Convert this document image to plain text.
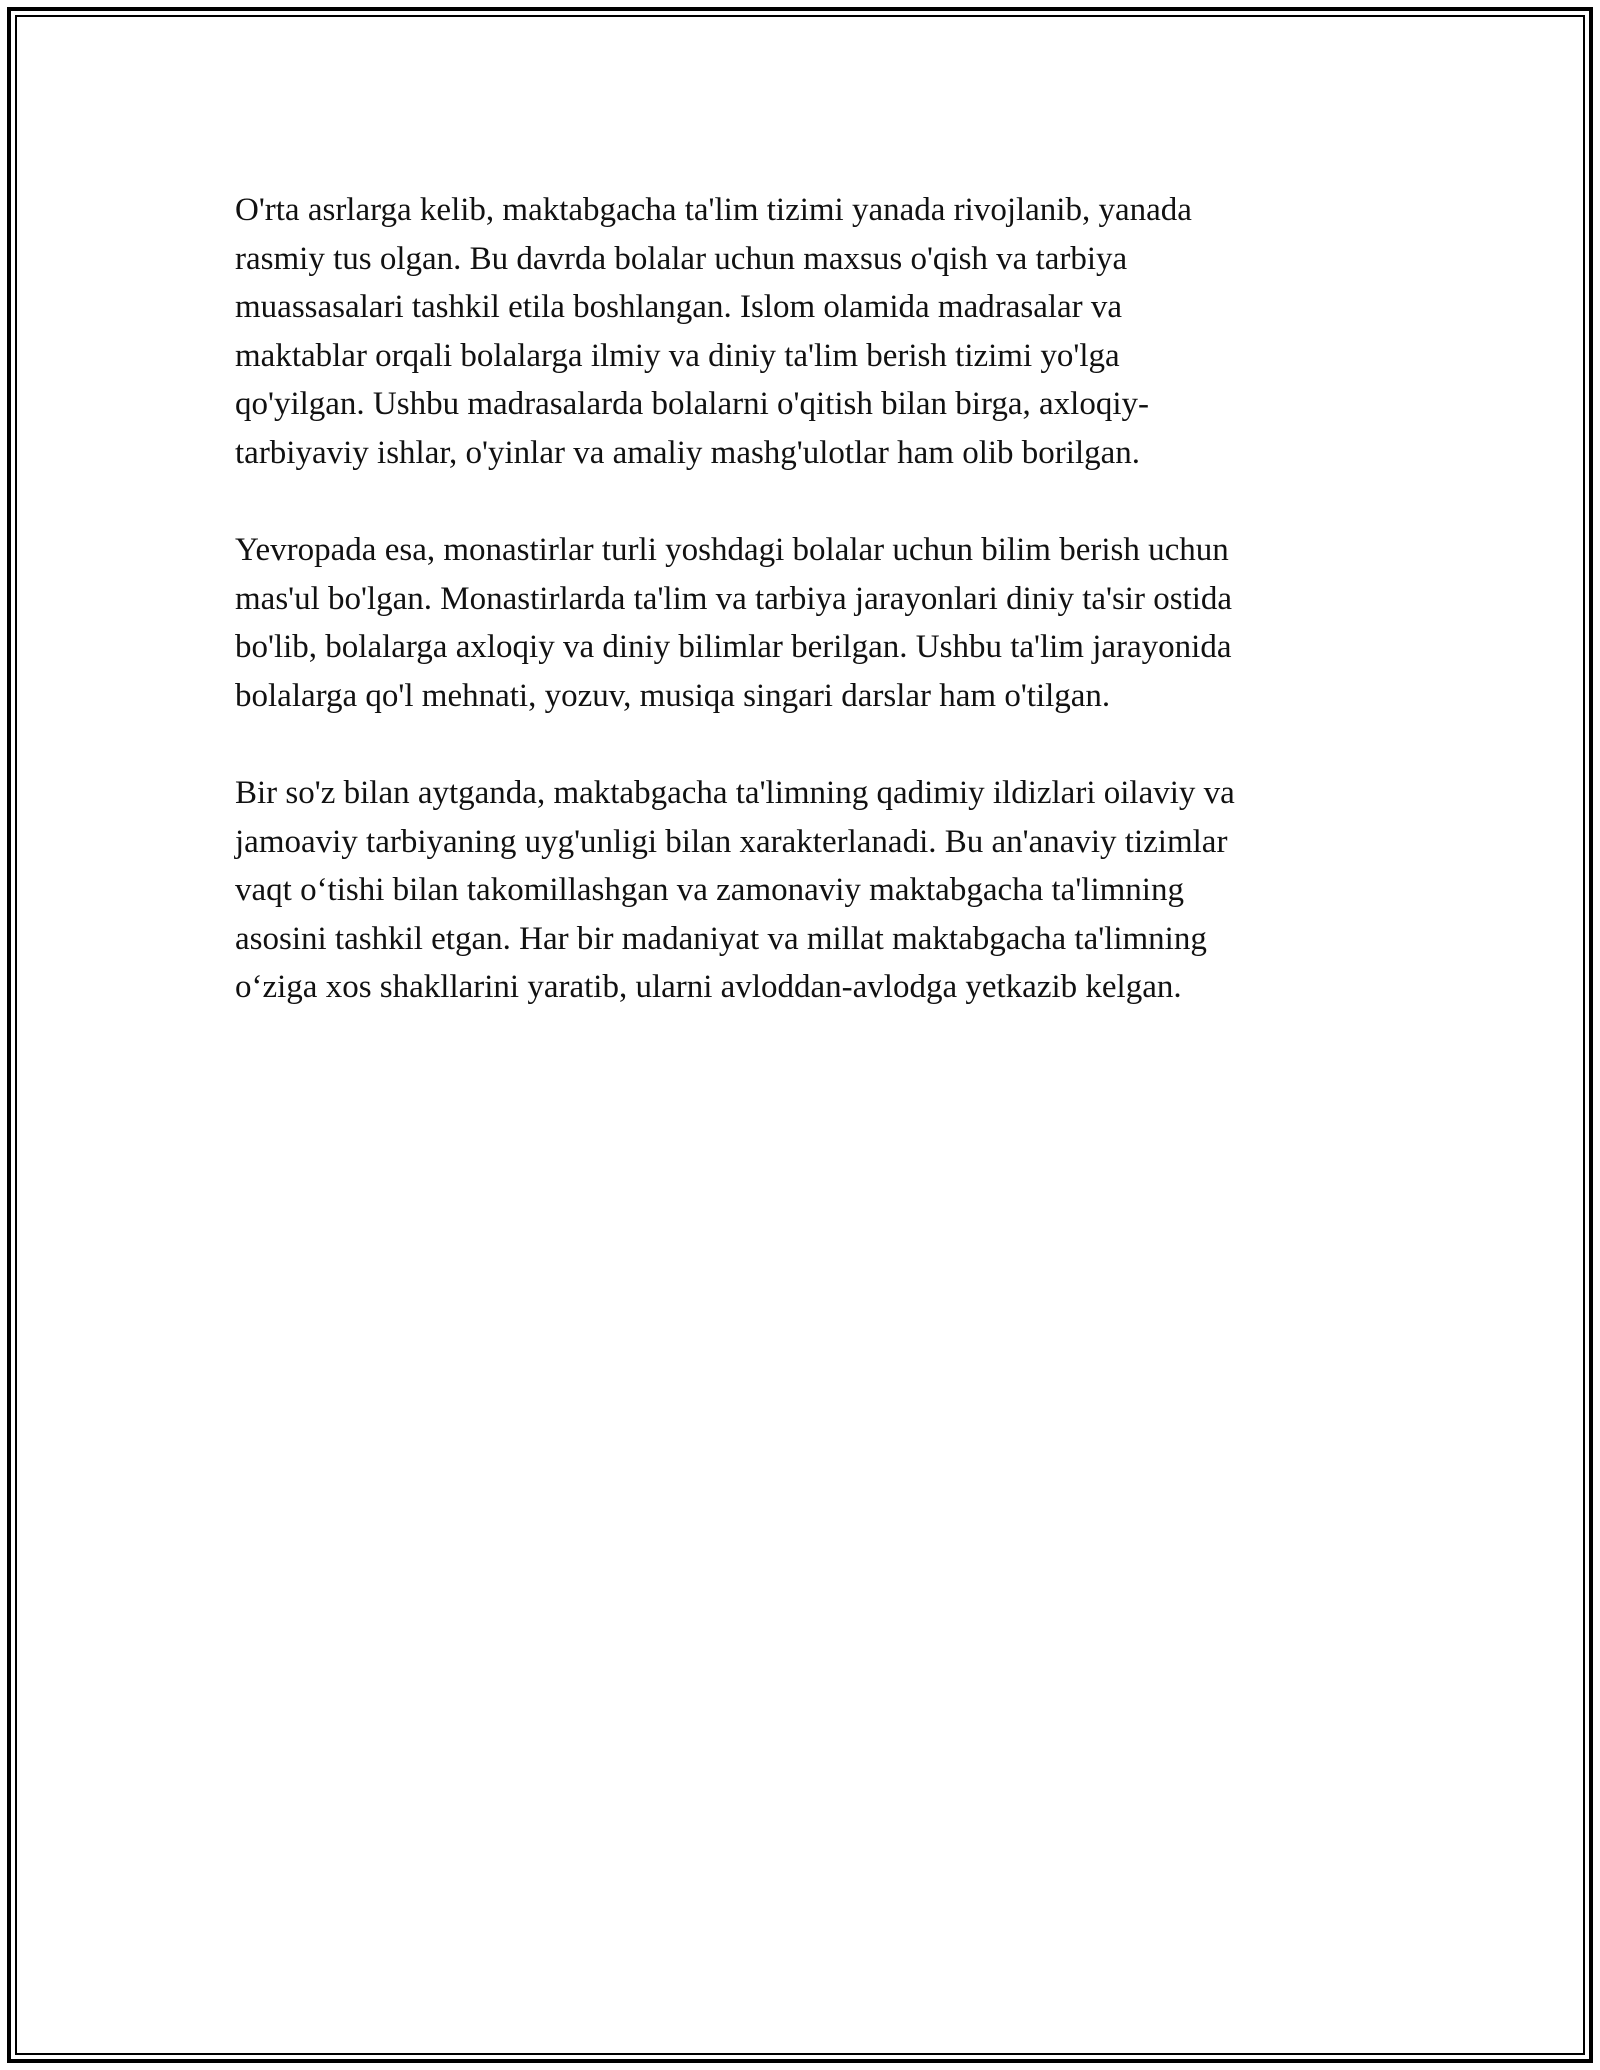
O'rta asrlarga kelib, maktabgacha ta'lim tizimi yanada rivojlanib, yanada
rasmiy tus olgan. Bu davrda bolalar uchun maxsus o'qish va tarbiya
muassasalari tashkil etila boshlangan. Islom olamida madrasalar va
maktablar orqali bolalarga ilmiy va diniy ta'lim berish tizimi yo'lga
qo'yilgan. Ushbu madrasalarda bolalarni o'qitish bilan birga, axloqiy-
tarbiyaviy ishlar, o'yinlar va amaliy mashg'ulotlar ham olib borilgan.

Yevropada esa, monastirlar turli yoshdagi bolalar uchun bilim berish uchun
mas'ul bo'lgan. Monastirlarda ta'lim va tarbiya jarayonlari diniy ta'sir ostida
bo'lib, bolalarga axloqiy va diniy bilimlar berilgan. Ushbu ta'lim jarayonida
bolalarga qo'l mehnati, yozuv, musiqa singari darslar ham o'tilgan.

Bir so'z bilan aytganda, maktabgacha ta'limning qadimiy ildizlari oilaviy va
jamoaviy tarbiyaning uyg'unligi bilan xarakterlanadi. Bu an'anaviy tizimlar
vaqt o‘tishi bilan takomillashgan va zamonaviy maktabgacha ta'limning
asosini tashkil etgan. Har bir madaniyat va millat maktabgacha ta'limning
o‘ziga xos shakllarini yaratib, ularni avloddan-avlodga yetkazib kelgan.
